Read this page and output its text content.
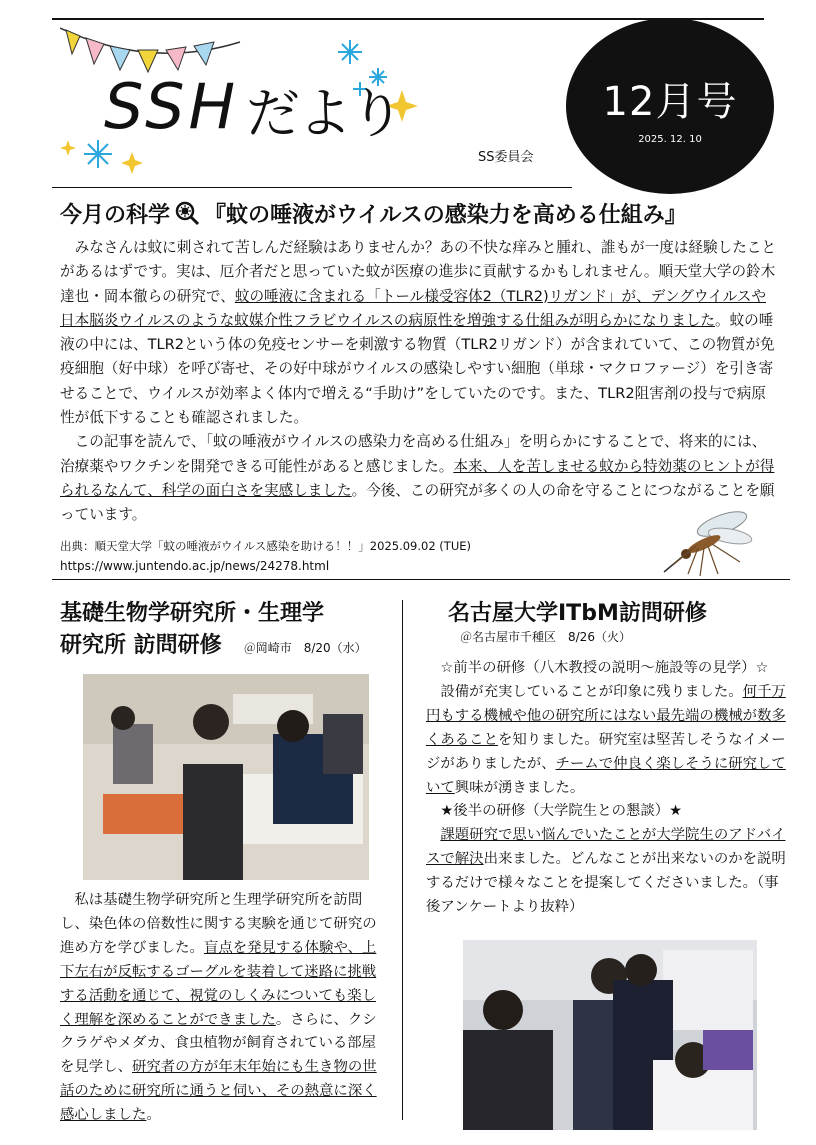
SSH だより	12月号
2025. 12. 10
SS委員会
今月の科学 『蚊の唾液がウイルスの感染力を高める仕組み』

みなさんは蚊に刺されて苦しんだ経験はありませんか？あの不快な痒みと腫れ、誰もが一度は経験したことがあるはずです。実は、厄介者だと思っていた蚊が医療の進歩に貢献するかもしれません。順天堂大学の鈴木達也・岡本徹らの研究で、蚊の唾液に含まれる「トール様受容体2（TLR2)リガンド」が、デングウイルスや日本脳炎ウイルスのような蚊媒介性フラビウイルスの病原性を増強する仕組みが明らかになりました。蚊の唾液の中には、TLR2という体の免疫センサーを刺激する物質（TLR2リガンド）が含まれていて、この物質が免疫細胞（好中球）を呼び寄せ、その好中球がウイルスの感染しやすい細胞（単球・マクロファージ）を引き寄せることで、ウイルスが効率よく体内で増える“手助け”をしていたのです。また、TLR2阻害剤の投与で病原性が低下することも確認されました。

この記事を読んで、「蚊の唾液がウイルスの感染力を高める仕組み」を明らかにすることで、将来的には、治療薬やワクチンを開発できる可能性があると感じました。本来、人を苦しませる蚊から特効薬のヒントが得られるなんて、科学の面白さを実感しました。今後、この研究が多くの人の命を守ることにつながることを願っています。

出典：順天堂大学「蚊の唾液がウイルス感染を助ける！！」2025.09.02 (TUE)
https://www.juntendo.ac.jp/news/24278.html
基礎生物学研究所・生理学
研究所 訪問研修　 ＠岡崎市　8/20（水）

私は基礎生物学研究所と生理学研究所を訪問し、染色体の倍数性に関する実験を通じて研究の進め方を学びました。盲点を発見する体験や、上下左右が反転するゴーグルを装着して迷路に挑戦する活動を通じて、視覚のしくみについても楽しく理解を深めることができました。さらに、クシクラゲやメダカ、食虫植物が飼育されている部屋を見学し、研究者の方が年末年始にも生き物の世話のために研究所に通うと伺い、その熱意に深く感心しました。

名古屋大学ITbM訪問研修
＠名古屋市千種区　8/26（火）

☆前半の研修（八木教授の説明～施設等の見学）☆

設備が充実していることが印象に残りました。何千万円もする機械や他の研究所にはない最先端の機械が数多くあることを知りました。研究室は堅苦しそうなイメージがありましたが、チームで仲良く楽しそうに研究していて興味が湧きました。

★後半の研修（大学院生との懇談）★

課題研究で思い悩んでいたことが大学院生のアドバイスで解決出来ました。どんなことが出来ないのかを説明するだけで様々なことを提案してくださいました。（事後アンケートより抜粋）
